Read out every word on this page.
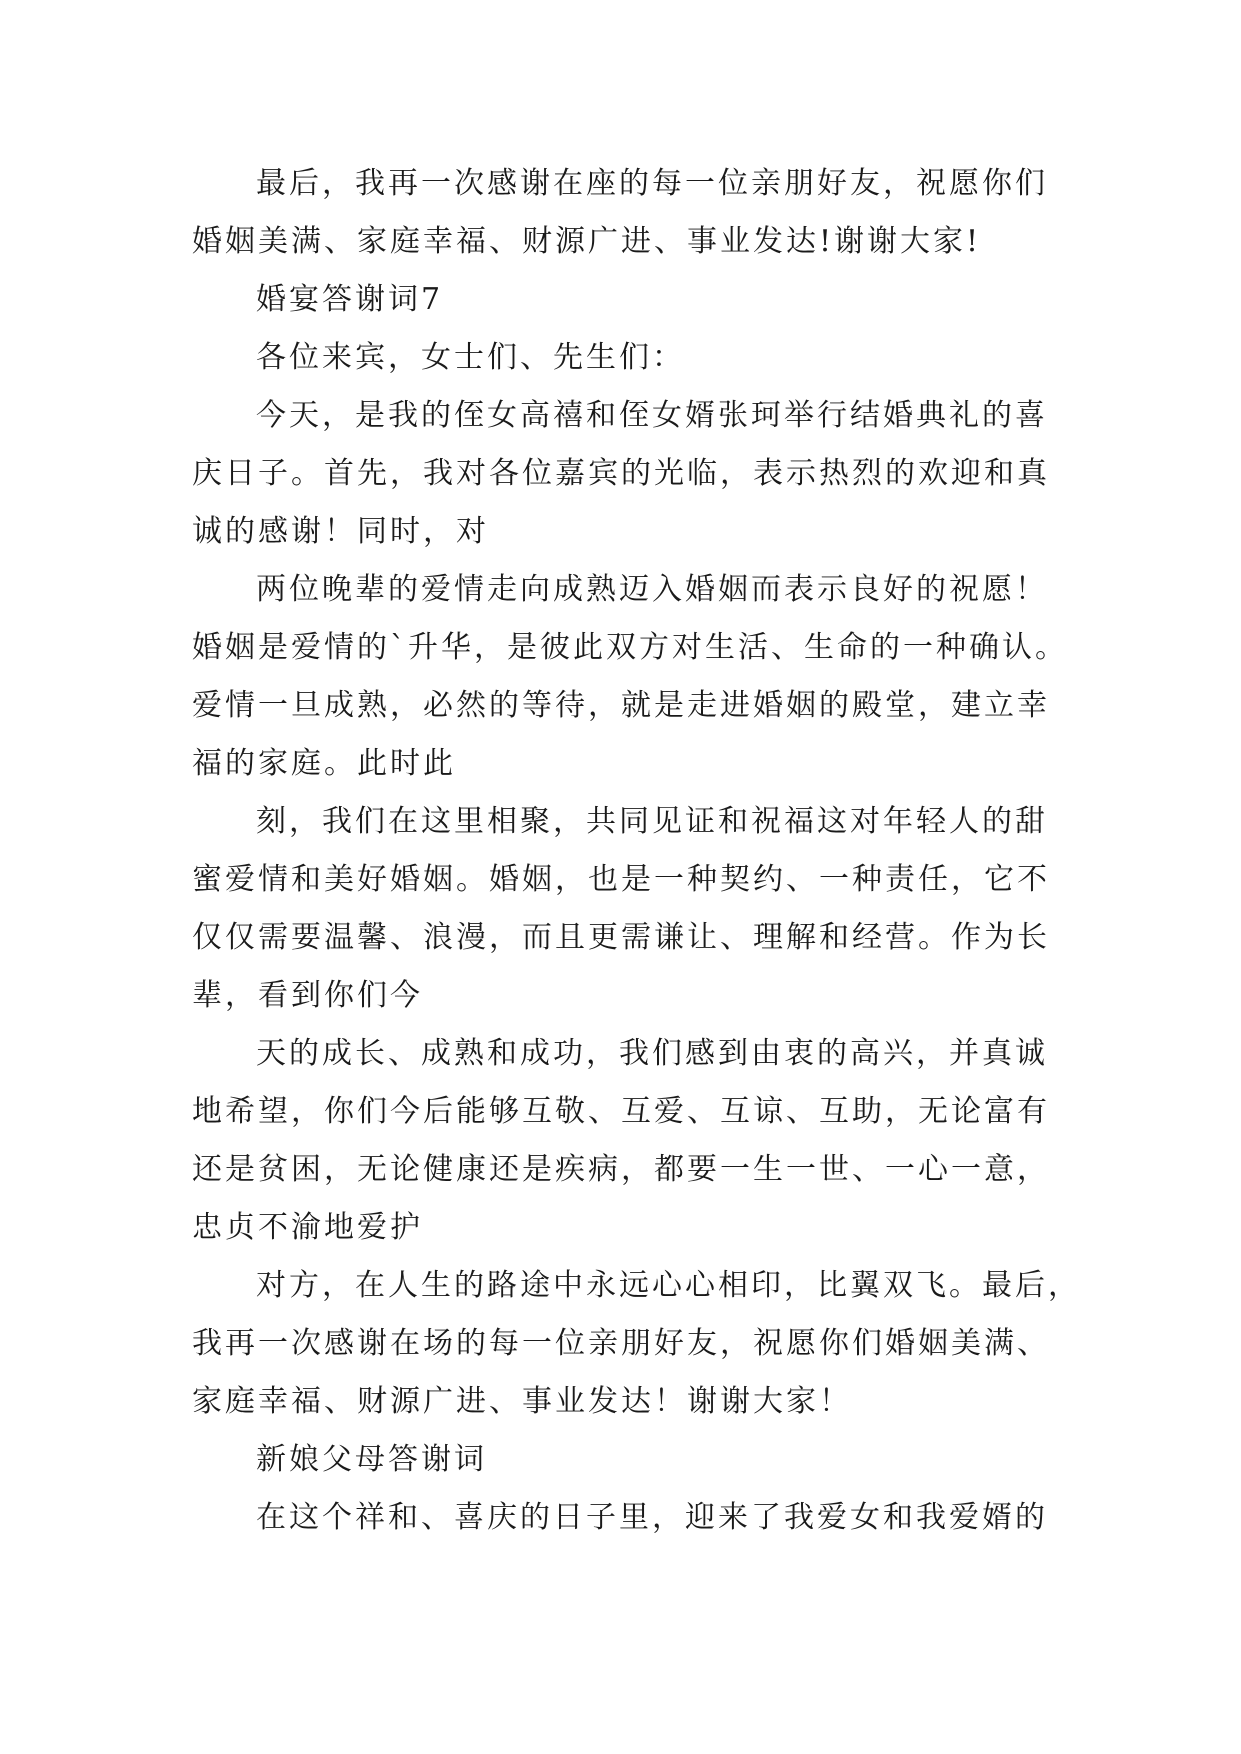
最后，我再一次感谢在座的每一位亲朋好友，祝愿你们
婚姻美满、家庭幸福、财源广进、事业发达!谢谢大家!
婚宴答谢词7
各位来宾，女士们、先生们：
今天，是我的侄女高禧和侄女婿张珂举行结婚典礼的喜
庆日子。首先，我对各位嘉宾的光临，表示热烈的欢迎和真
诚的感谢！同时，对
两位晚辈的爱情走向成熟迈入婚姻而表示良好的祝愿！
婚姻是爱情的`升华，是彼此双方对生活、生命的一种确认。
爱情一旦成熟，必然的等待，就是走进婚姻的殿堂，建立幸
福的家庭。此时此
刻，我们在这里相聚，共同见证和祝福这对年轻人的甜
蜜爱情和美好婚姻。婚姻，也是一种契约、一种责任，它不
仅仅需要温馨、浪漫，而且更需谦让、理解和经营。作为长
辈，看到你们今
天的成长、成熟和成功，我们感到由衷的高兴，并真诚
地希望，你们今后能够互敬、互爱、互谅、互助，无论富有
还是贫困，无论健康还是疾病，都要一生一世、一心一意，
忠贞不渝地爱护
对方，在人生的路途中永远心心相印，比翼双飞。最后，
我再一次感谢在场的每一位亲朋好友，祝愿你们婚姻美满、
家庭幸福、财源广进、事业发达！谢谢大家！
新娘父母答谢词
在这个祥和、喜庆的日子里，迎来了我爱女和我爱婿的
